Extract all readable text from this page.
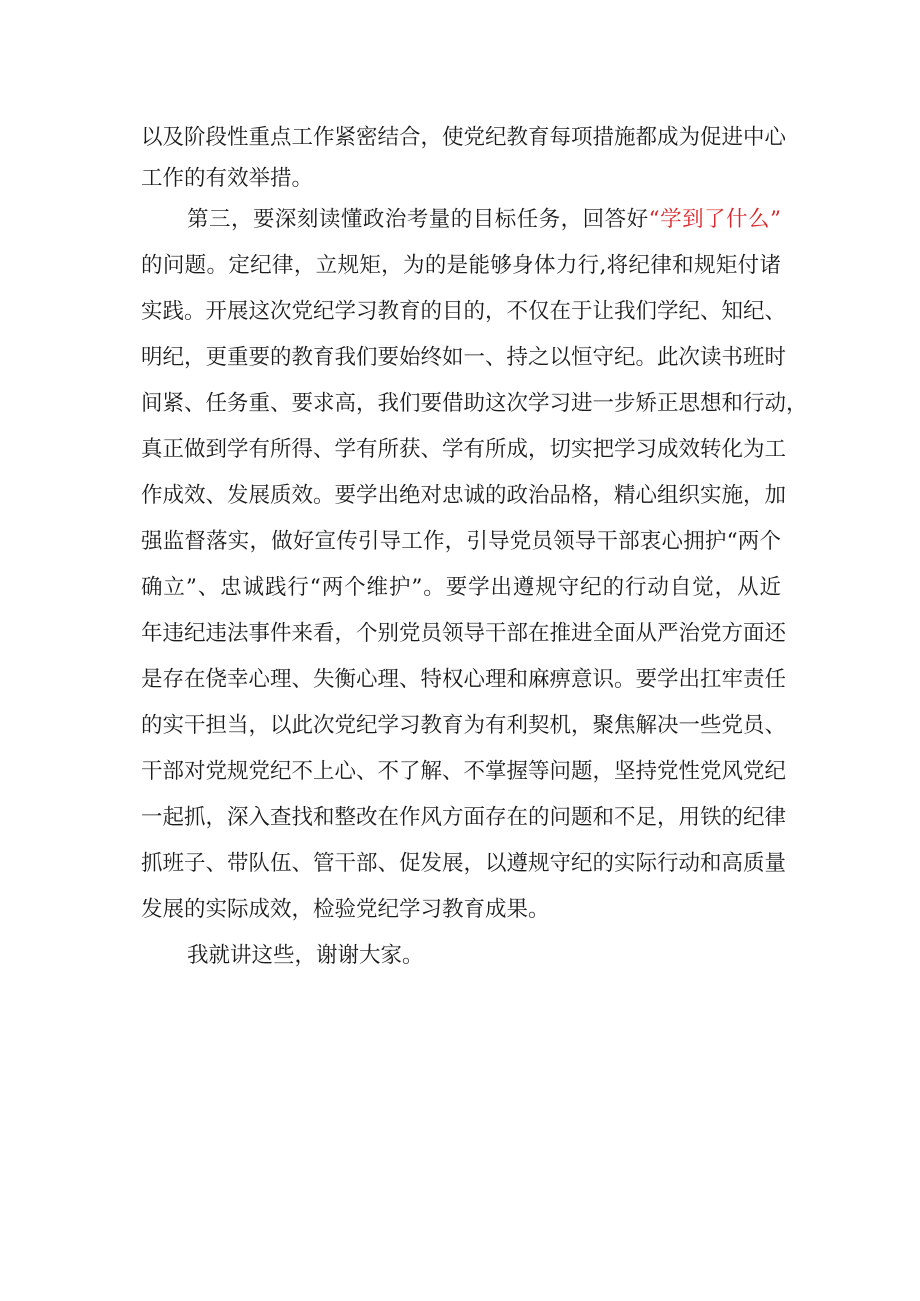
以及阶段性重点工作紧密结合，使党纪教育每项措施都成为促进中心
工作的有效举措。
第三，要深刻读懂政治考量的目标任务，回答好“学到了什么”
的问题。定纪律，立规矩，为的是能够身体力行,将纪律和规矩付诸
实践。开展这次党纪学习教育的目的，不仅在于让我们学纪、知纪、
明纪，更重要的教育我们要始终如一、持之以恒守纪。此次读书班时
间紧、任务重、要求高，我们要借助这次学习进一步矫正思想和行动，
真正做到学有所得、学有所获、学有所成，切实把学习成效转化为工
作成效、发展质效。要学出绝对忠诚的政治品格，精心组织实施，加
强监督落实，做好宣传引导工作，引导党员领导干部衷心拥护“两个
确立”、忠诚践行“两个维护”。要学出遵规守纪的行动自觉，从近
年违纪违法事件来看，个别党员领导干部在推进全面从严治党方面还
是存在侥幸心理、失衡心理、特权心理和麻痹意识。要学出扛牢责任
的实干担当，以此次党纪学习教育为有利契机，聚焦解决一些党员、
干部对党规党纪不上心、不了解、不掌握等问题，坚持党性党风党纪
一起抓，深入查找和整改在作风方面存在的问题和不足，用铁的纪律
抓班子、带队伍、管干部、促发展，以遵规守纪的实际行动和高质量
发展的实际成效，检验党纪学习教育成果。
我就讲这些，谢谢大家。
